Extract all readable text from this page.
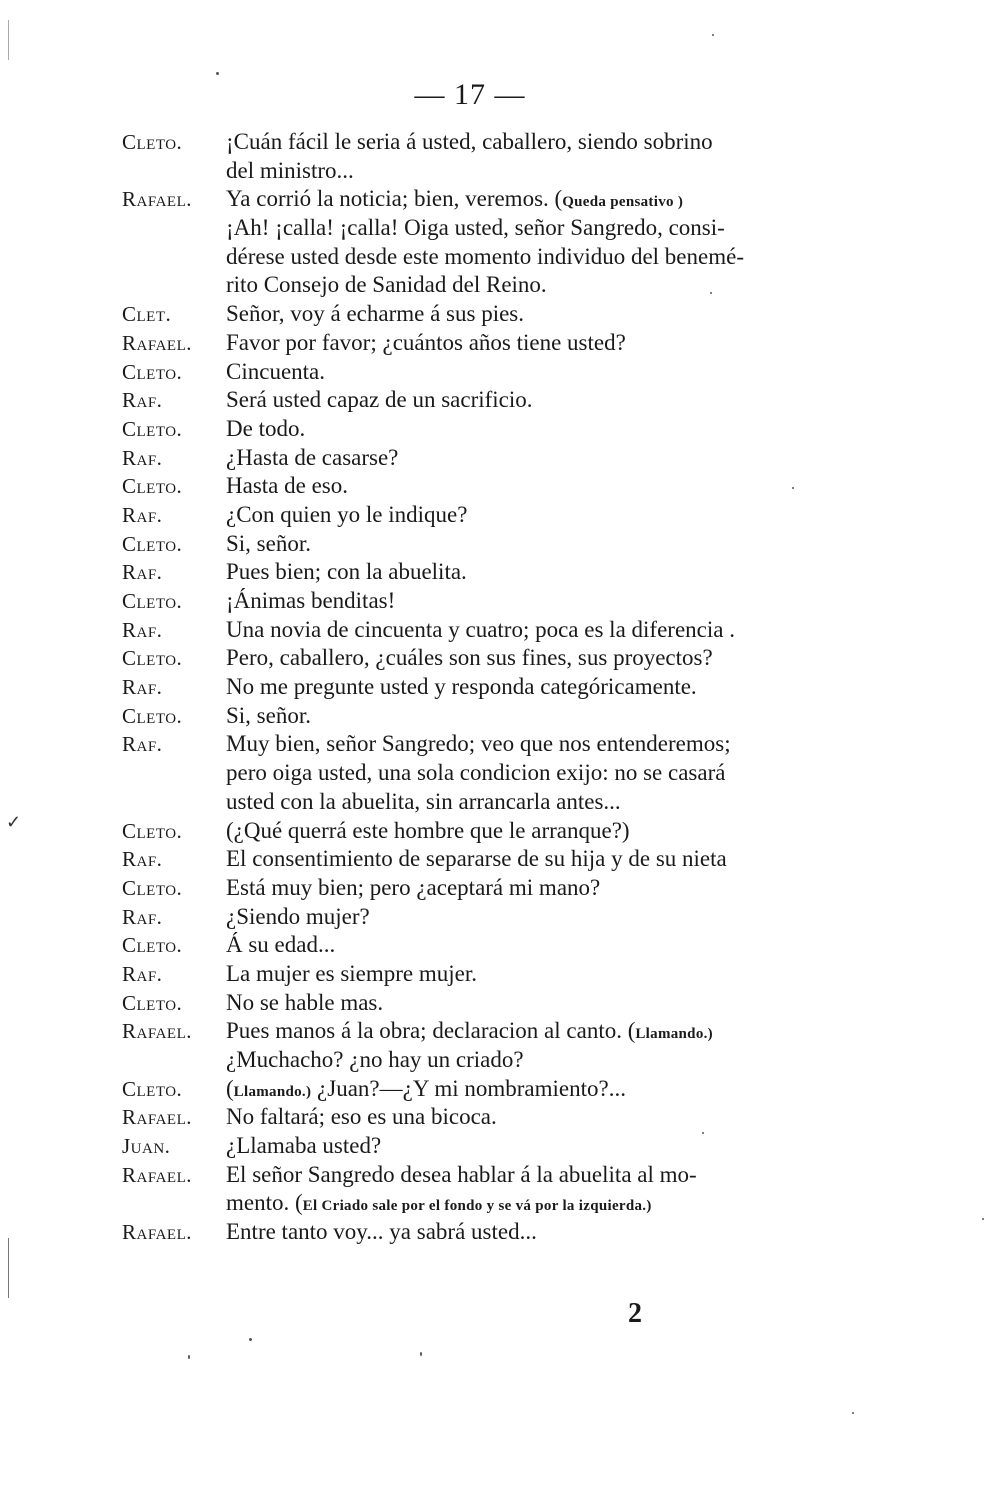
— 17 —
Cleto.	¡Cuán fácil le seria á usted, caballero, siendo sobrino
del ministro...
Rafael.	Ya corrió la noticia; bien, veremos. (Queda pensativo )
¡Ah! ¡calla! ¡calla! Oiga usted, señor Sangredo, consi-
dérese usted desde este momento individuo del benemé-
rito Consejo de Sanidad del Reino.
Clet.	Señor, voy á echarme á sus pies.
Rafael.	Favor por favor; ¿cuántos años tiene usted?
Cleto.	Cincuenta.
Raf.	Será usted capaz de un sacrificio.
Cleto.	De todo.
Raf.	¿Hasta de casarse?
Cleto.	Hasta de eso.
Raf.	¿Con quien yo le indique?
Cleto.	Si, señor.
Raf.	Pues bien; con la abuelita.
Cleto.	¡Ánimas benditas!
Raf.	Una novia de cincuenta y cuatro; poca es la diferencia .
Cleto.	Pero, caballero, ¿cuáles son sus fines, sus proyectos?
Raf.	No me pregunte usted y responda categóricamente.
Cleto.	Si, señor.
Raf.	Muy bien, señor Sangredo; veo que nos entenderemos;
pero oiga usted, una sola condicion exijo: no se casará
usted con la abuelita, sin arrancarla antes...
Cleto.	(¿Qué querrá este hombre que le arranque?)
Raf.	El consentimiento de separarse de su hija y de su nieta
Cleto.	Está muy bien; pero ¿aceptará mi mano?
Raf.	¿Siendo mujer?
Cleto.	Á su edad...
Raf.	La mujer es siempre mujer.
Cleto.	No se hable mas.
Rafael.	Pues manos á la obra; declaracion al canto. (Llamando.)
¿Muchacho? ¿no hay un criado?
Cleto.	(Llamando.) ¿Juan?—¿Y mi nombramiento?...
Rafael.	No faltará; eso es una bicoca.
Juan.	¿Llamaba usted?
Rafael.	El señor Sangredo desea hablar á la abuelita al mo-
mento. (El Criado sale por el fondo y se vá por la izquierda.)
Rafael.	Entre tanto voy... ya sabrá usted...
2
✓
